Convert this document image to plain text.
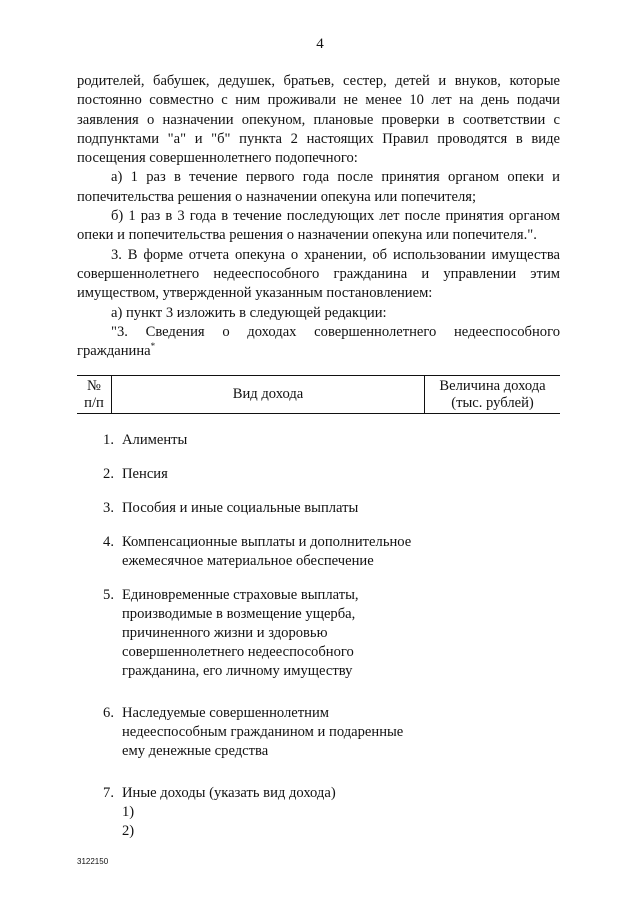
4

родителей, бабушек, дедушек, братьев, сестер, детей и внуков, которые постоянно совместно с ним проживали не менее 10 лет на день подачи заявления о назначении опекуном, плановые проверки в соответствии с подпунктами "а" и "б" пункта 2 настоящих Правил проводятся в виде посещения совершеннолетнего подопечного:

а) 1 раз в течение первого года после принятия органом опеки и попечительства решения о назначении опекуна или попечителя;

б) 1 раз в 3 года в течение последующих лет после принятия органом опеки и попечительства решения о назначении опекуна или попечителя.".

3. В форме отчета опекуна о хранении, об использовании имущества совершеннолетнего недееспособного гражданина и управлении этим имуществом, утвержденной указанным постановлением:

а) пункт 3 изложить в следующей редакции:

"3. Сведения о доходах совершеннолетнего недееспособного гражданина*

№
п/п
Вид дохода
Величина дохода
(тыс. рублей)
1. Алименты
2. Пенсия
3. Пособия и иные социальные выплаты
4. Компенсационные выплаты и дополнительное
ежемесячное материальное обеспечение
5. Единовременные страховые выплаты,
производимые в возмещение ущерба,
причиненного жизни и здоровью
совершеннолетнего недееспособного
гражданина, его личному имуществу
6. Наследуемые совершеннолетним
недееспособным гражданином и подаренные
ему денежные средства
7. Иные доходы (указать вид дохода)
1)
2)
3122150
